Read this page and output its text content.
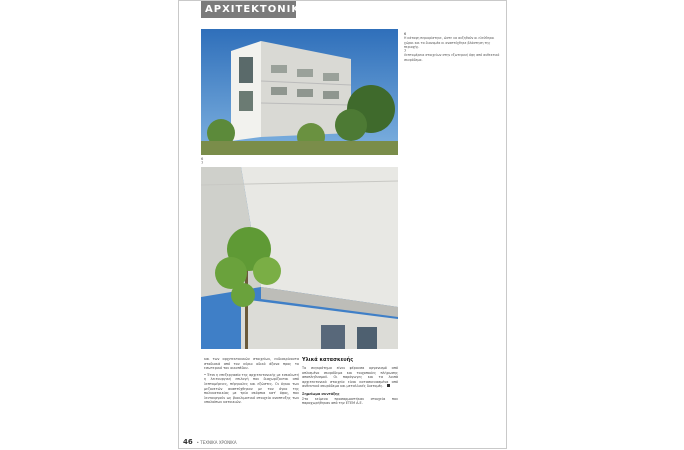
ΑΡΧΙΤΕΚΤΟΝΙΚΗ
6
Η κάτοψη περιορίστηκε, ώστε να αυξηθούν οι ελεύθεροι χώροι και τα διανομέα κι αναπτύχθηκε βλάστηση της περιοχής.
7
Λεπτομέρεια στοιχείων στην εξωτερική όψη από ανθεκτικό σκυρόδεμα.
6
7
και των αρχιτεκτονικών στοιχείων, ευδιακρίνοντα σταδιακά από τον κύριο οδικό άξονα προς το εσωτερικό του οικοπέδου.
• Έτσι η επεξεργασία της αρχιτεκτονικής με εσκαλωτή η λειτουργική επιλογή που διαχωρίζονται από λεπτομέρειες, πέργκολες και εξώστες. Οι όγκοι των μεζονετών αναπτύχθηκαν με τον όγκο της πολυκατοικίας με τρία σκόρπια κατ' όψος, που λειτουργούν ως βιοκλιματικό στοιχείο αναπτυξης των υπολοίπων κατοικιών.
Υλικά κατασκευής
Το συγκρότημα είναι φέρουσα οργανισμό από οπλισμένο σκυρόδεμα και τοιχοποιίες πλήρωσης αποπληθυσμού. Οι παράγωγες και τα λοιπά αρχιτεκτονικά στοιχεία είναι κατασκευασμένα από ανθεκτικό σκυρόδεμα και μεταλλικές διατομές.
Σημείωμα συντάξης
Στο κείμενο προσαρμοστήκαν στοιχεία που παραχωρήθηκαν από την ETEM A.E.
46 • ΤΕΧΝΙΚΑ ΧΡΟΝΙΚΑ
